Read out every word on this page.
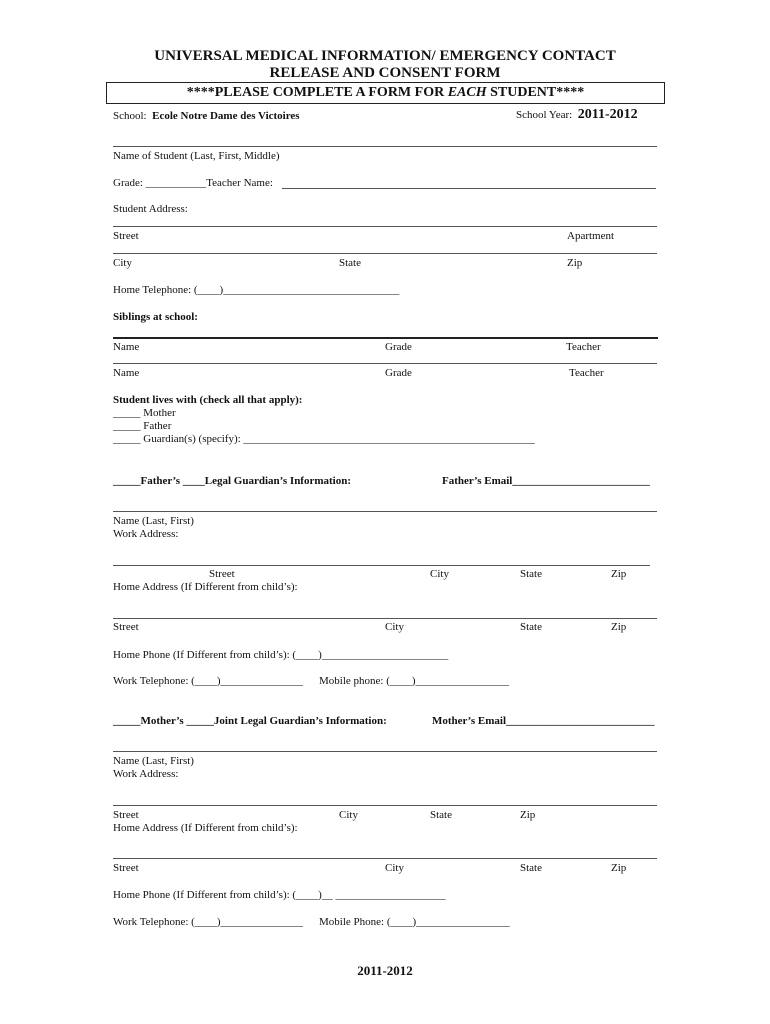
UNIVERSAL MEDICAL INFORMATION/ EMERGENCY CONTACT
RELEASE AND CONSENT FORM
****PLEASE COMPLETE A FORM FOR EACH STUDENT****
School: Ecole Notre Dame des Victoires	School Year: 2011-2012
Name of Student (Last, First, Middle)
Grade: ___________Teacher Name:
Student Address:
Street	Apartment
City	State	Zip
Home Telephone: (____)________________________________
Siblings at school:
Name	Grade	Teacher
Name	Grade	Teacher
Student lives with (check all that apply):
_____ Mother
_____ Father
_____ Guardian(s) (specify): _____________________________________________________
_____Father’s ____Legal Guardian’s Information:	Father’s Email_________________________
Name (Last, First)
Work Address:
Street	City	State	Zip
Home Address (If Different from child’s):
Street	City	State	Zip
Home Phone (If Different from child’s): (____)_______________________
Work Telephone: (____)_______________ Mobile phone: (____)_________________
_____Mother’s _____Joint Legal Guardian’s Information:	Mother’s Email___________________________
Name (Last, First)
Work Address:
Street	City	State	Zip
Home Address (If Different from child’s):
Street	City	State	Zip
Home Phone (If Different from child’s): (____)__ ____________________
Work Telephone: (____)_______________ Mobile Phone: (____)_________________
2011-2012
